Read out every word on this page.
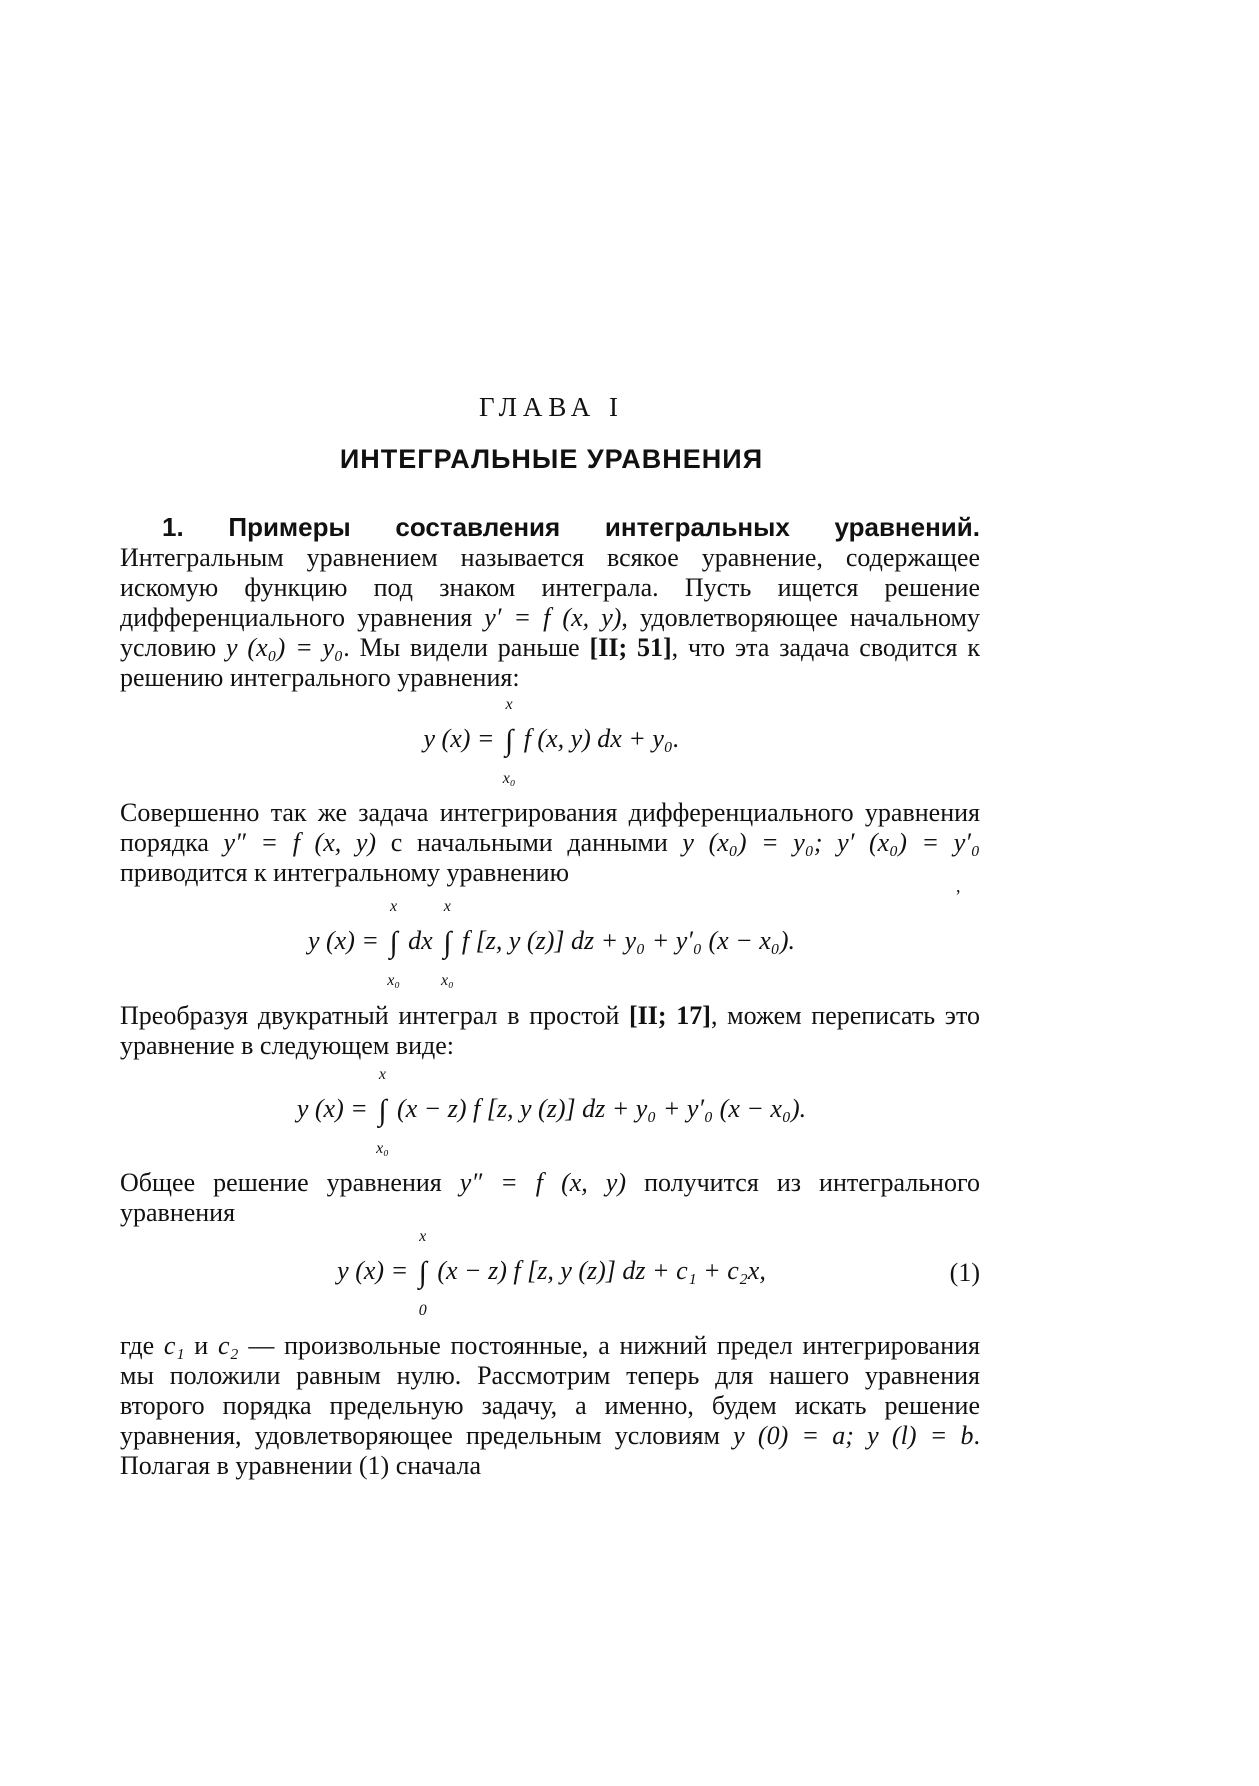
ГЛАВА I
ИНТЕГРАЛЬНЫЕ УРАВНЕНИЯ

1. Примеры составления интегральных уравнений. Интегральным уравнением называется всякое уравнение, содержащее искомую функцию под знаком интеграла. Пусть ищется решение дифференциального уравнения y′ = f (x, y), удовлетворяющее начальному условию y (x₀) = y₀. Мы видели раньше [II; 51], что эта задача сводится к решению интегрального уравнения:

y (x) = ∫
x
x₀
f (x, y) dx + y₀.

Совершенно так же задача интегрирования дифференциального уравнения порядка y″ = f (x, y) с начальными данными y (x₀) = y₀; y′ (x₀) = y′₀ приводится к интегральному уравнению	,
y (x) = ∫
x
x₀
dx ∫
x
x₀
f [z, y (z)] dz + y₀ + y′₀ (x − x₀).

Преобразуя двукратный интеграл в простой [II; 17], можем переписать это уравнение в следующем виде:

y (x) = ∫
x
x₀
(x − z) f [z, y (z)] dz + y₀ + y′₀ (x − x₀).

Общее решение уравнения y″ = f (x, y) получится из интегрального уравнения

y (x) = ∫
x
0
(x − z) f [z, y (z)] dz + c₁ + c₂x,	(1)

где c₁ и c₂ — произвольные постоянные, а нижний предел интегрирования мы положили равным нулю. Рассмотрим теперь для нашего уравнения второго порядка предельную задачу, а именно, будем искать решение уравнения, удовлетворяющее предельным условиям y (0) = a; y (l) = b. Полагая в уравнении (1) сначала
